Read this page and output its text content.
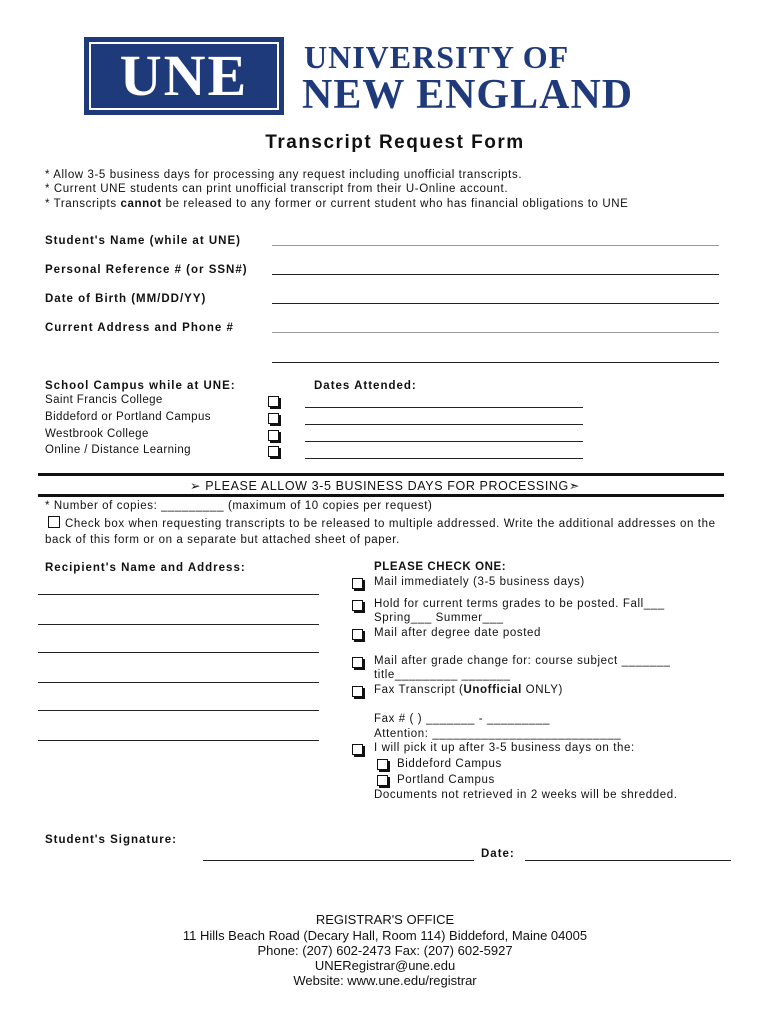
UNE	UNIVERSITY OF
NEW ENGLAND
Transcript Request Form
* Allow 3-5 business days for processing any request including unofficial transcripts.
* Current UNE students can print unofficial transcript from their U-Online account.
* Transcripts cannot be released to any former or current student who has financial obligations to UNE
Student's Name (while at UNE)
Personal Reference # (or SSN#)
Date of Birth (MM/DD/YY)
Current Address and Phone #
School Campus while at UNE:	Dates Attended:
Saint Francis College
Biddeford or Portland Campus
Westbrook College
Online / Distance Learning
➢ PLEASE ALLOW 3-5 BUSINESS DAYS FOR PROCESSING➣
* Number of copies: _________ (maximum of 10 copies per request)
Check box when requesting transcripts to be released to multiple addressed. Write the additional addresses on the
back of this form or on a separate but attached sheet of paper.
Recipient's Name and Address:	PLEASE CHECK ONE:
Mail immediately (3-5 business days)
Hold for current terms grades to be posted. Fall___
Spring___ Summer___
Mail after degree date posted
Mail after grade change for: course subject _______
title_________ _______
Fax Transcript (Unofficial ONLY)
Fax # ( ) _______ - _________
Attention: ___________________________
I will pick it up after 3-5 business days on the:
Biddeford Campus
Portland Campus
Documents not retrieved in 2 weeks will be shredded.
Student's Signature:
Date:
REGISTRAR'S OFFICE
11 Hills Beach Road (Decary Hall, Room 114) Biddeford, Maine 04005
Phone: (207) 602-2473 Fax: (207) 602-5927
UNERegistrar@une.edu
Website: www.une.edu/registrar
